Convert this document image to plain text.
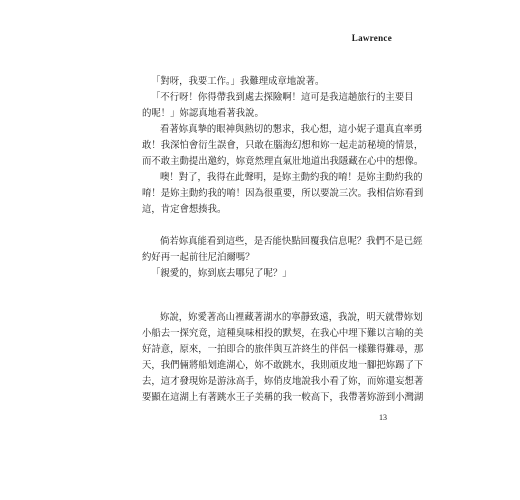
Lawrence
「對呀，我要工作。」我難理成章地說著。
「不行呀！你得帶我到處去探險啊！這可是我這趟旅行的主要目
的呢！」妳認真地看著我說。
看著妳真摯的眼神與熱切的懇求，我心想，這小妮子還真直率勇
敢！我深怕會衍生誤會，只敢在腦海幻想和妳一起走訪秘境的情景，
而不敢主動提出邀約，妳竟然理直氣壯地道出我隱藏在心中的想像。
噢！對了，我得在此聲明，是妳主動約我的唷！是妳主動約我的
唷！是妳主動約我的唷！因為很重要，所以要說三次。我相信妳看到
這，肯定會想揍我。
倘若妳真能看到這些，是否能快點回覆我信息呢？我們不是已經
約好再一起前往尼泊爾嗎？
「親愛的，妳到底去哪兒了呢？」
妳說，妳愛著高山裡藏著湖水的寧靜致遠，我說，明天就帶妳划
小船去一探究竟，這種臭味相投的默契，在我心中埋下難以言喻的美
好詩意，原來，一拍即合的旅伴與互許終生的伴侶一樣難得難尋，那
天，我們倆將船划進湖心，妳不敢跳水，我則頑皮地一腳把妳踢了下
去，這才發現妳是游泳高手，妳俏皮地說我小看了妳，而妳還妄想著
要顯在這湖上有著跳水王子美稱的我一較高下，我帶著妳游到小灣湖
13
